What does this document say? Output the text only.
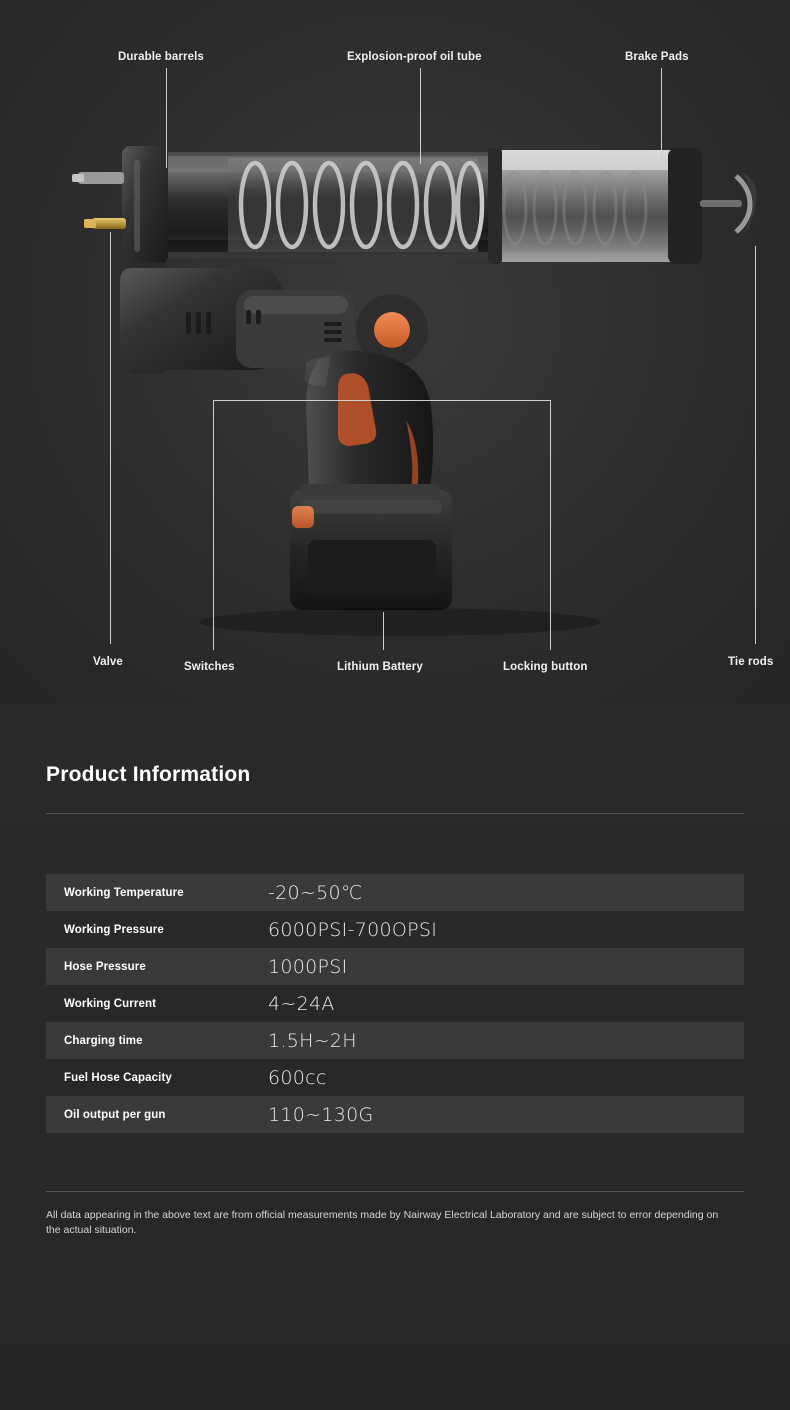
Durable barrels	Explosion-proof oil tube	Brake Pads
Valve	Switches	Lithium Battery	Locking button	Tie rods
Product Information
Working Temperature	-20~50℃
Working Pressure	6000PSI-700OPSI
Hose Pressure	1000PSI
Working Current	4~24A
Charging time	1.5H~2H
Fuel Hose Capacity	600cc
Oil output per gun	110~130G
All data appearing in the above text are from official measurements made by Nairway Electrical Laboratory and are subject to error depending on the actual situation.
